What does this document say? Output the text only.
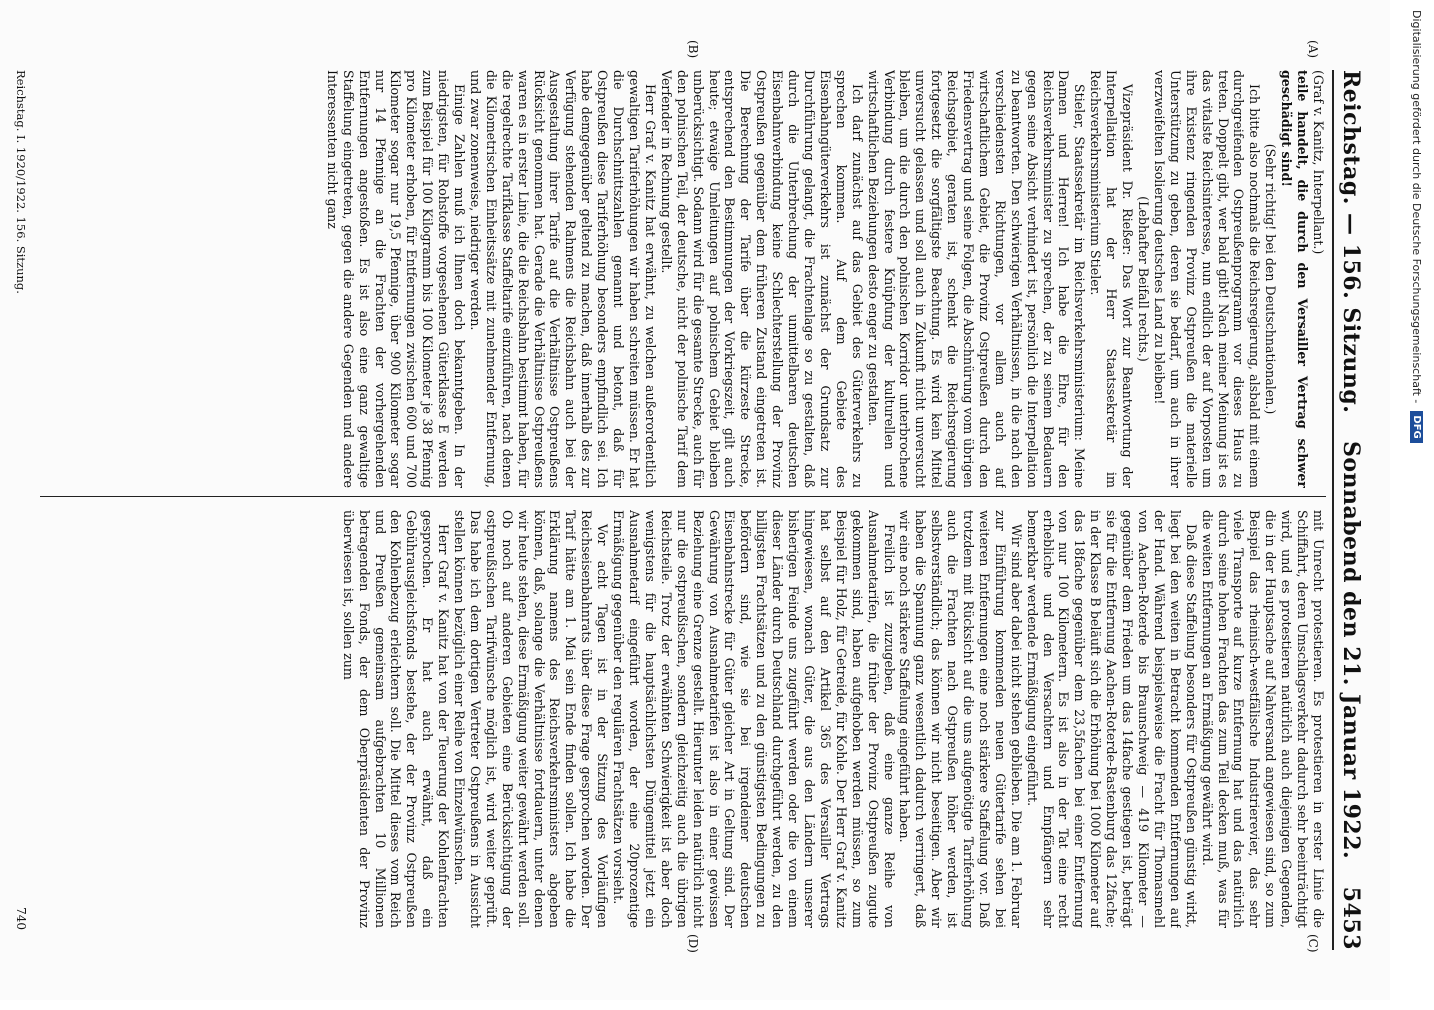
Reichstag. — 156. Sitzung.
Sonnabend den 21. Januar 1922.
5453
(A)
(B)
(C)
(D)

(Graf v. Kanitz, Interpellant.)

teile handelt, die durch den Versailler Vertrag schwer geschädigt sind!

(Sehr richtig! bei den Deutschnationalen.)

Ich bitte also nochmals die Reichsregierung, alsbald mit einem durchgreifenden Ostpreußenprogramm vor dieses Haus zu treten. Doppelt gibt, wer bald gibt! Nach meiner Meinung ist es das vitalste Reichsinteresse, nun endlich der auf Vorposten um ihre Existenz ringenden Provinz Ostpreußen die materielle Unterstützung zu geben, deren sie bedarf, um auch in ihrer verzweifelten Isolierung deutsches Land zu bleiben!

(Lebhafter Beifall rechts.)

Vizepräsident Dr. Rießer: Das Wort zur Beantwortung der Interpellation hat der Herr Staatssekretär im Reichsverkehrsministerium Stieler.

Stieler, Staatssekretär im Reichsverkehrsministerium: Meine Damen und Herren! Ich habe die Ehre, für den Reichsverkehrsminister zu sprechen, der zu seinem Bedauern gegen seine Absicht verhindert ist, persönlich die Interpellation zu beantworten. Den schwierigen Verhältnissen, in die nach den verschiedensten Richtungen, vor allem auch auf wirtschaftlichem Gebiet, die Provinz Ostpreußen durch den Friedensvertrag und seine Folgen, die Abschnürung vom übrigen Reichsgebiet, geraten ist, schenkt die Reichsregierung fortgesetzt die sorgfältigste Beachtung. Es wird kein Mittel unversucht gelassen und soll auch in Zukunft nicht unversucht bleiben, um die durch den polnischen Korridor unterbrochene Verbindung durch festere Knüpfung der kulturellen und wirtschaftlichen Beziehungen desto enger zu gestalten.

Ich darf zunächst auf das Gebiet des Güterverkehrs zu sprechen kommen. Auf dem Gebiete des Eisenbahngüterverkehrs ist zunächst der Grundsatz zur Durchführung gelangt, die Frachtenlage so zu gestalten, daß durch die Unterbrechung der unmittelbaren deutschen Eisenbahnverbindung keine Schlechterstellung der Provinz Ostpreußen gegenüber dem früheren Zustand eingetreten ist. Die Berechnung der Tarife über die kürzeste Strecke, entsprechend den Bestimmungen der Vorkriegszeit, gilt auch heute; etwaige Umleitungen auf polnischem Gebiet bleiben unberücksichtigt. Sodann wird für die gesamte Strecke, auch für den polnischen Teil, der deutsche, nicht der polnische Tarif dem Verfender in Rechnung gestellt.

Herr Graf v. Kanitz hat erwähnt, zu welchen außerordentlich gewaltigen Tariferhöhungen wir haben schreiten müssen. Er hat die Durchschnittszahlen genannt und betont, daß für Ostpreußen diese Tariferhöhung besonders empfindlich sei. Ich habe demgegenüber geltend zu machen, daß innerhalb des zur Verfügung stehenden Rahmens die Reichsbahn auch bei der Ausgestaltung ihrer Tarife auf die Verhältnisse Ostpreußens Rücksicht genommen hat. Gerade die Verhältnisse Ostpreußens waren es in erster Linie, die die Reichsbahn bestimmt haben, für die regelrechte Tarifklasse Staffeltarife einzuführen, nach denen die Kilometrischen Einheitssätze mit zunehmender Entfernung, und zwar zonenweise, niedriger werden.

Einige Zahlen muß ich Ihnen doch bekanntgeben. In der niedrigsten, für Rohstoffe vorgesehenen Güterklasse E werden zum Beispiel für 100 Kilogramm bis 100 Kilometer je 38 Pfennig pro Kilometer erhoben, für Entfernungen zwischen 600 und 700 Kilometer sogar nur 19,5 Pfennige, über 900 Kilometer sogar nur 14 Pfennige an die Frachten der vorhergehenden Entfernungen angestoßen. Es ist also eine ganz gewaltige Staffelung eingetreten, gegen die andere Gegenden und andere Interessenten nicht ganz

mit Unrecht protestieren. Es protestieren in erster Linie die Schiffahrt, deren Umschlagsverkehr dadurch sehr beeinträchtigt wird, und es protestieren natürlich auch diejenigen Gegenden, die in der Hauptsache auf Nahversand angewiesen sind, so zum Beispiel das rheinisch-westfälische Industrierevier, das sehr viele Transporte auf kurze Entfernung hat und das natürlich durch seine hohen Frachten das zum Teil decken muß, was für die weiten Entfernungen an Ermäßigung gewährt wird.

Daß diese Staffelung besonders für Ostpreußen günstig wirkt, liegt bei den weiten in Betracht kommenden Entfernungen auf der Hand. Während beispielsweise die Fracht für Thomasmehl von Aachen-Roterde bis Braunschweig — 419 Kilometer — gegenüber dem Frieden um das 14fache gestiegen ist, beträgt sie für die Entfernung Aachen-Roterde-Rastenburg das 12fache; in der Klasse B beläuft sich die Erhöhung bei 1000 Kilometer auf das 18fache gegenüber dem 23,5fachen bei einer Entfernung von nur 100 Kilometern. Es ist also in der Tat eine recht erhebliche und den Versachtern und Empfängern sehr bemerkbar werdende Ermäßigung eingeführt.

Wir sind aber dabei nicht stehen geblieben. Die am 1. Februar zur Einführung kommenden neuen Gütertarife sehen bei weiteren Entfernungen eine noch stärkere Staffelung vor. Daß trotzdem mit Rücksicht auf die uns aufgenötigte Tariferhöhung auch die Frachten nach Ostpreußen höher werden, ist selbstverständlich; das können wir nicht beseitigen. Aber wir haben die Spannung ganz wesentlich dadurch verringert, daß wir eine noch stärkere Staffelung eingeführt haben.

Freilich ist zuzugeben, daß eine ganze Reihe von Ausnahmetarifen, die früher der Provinz Ostpreußen zugute gekommen sind, haben aufgehoben werden müssen, so zum Beispiel für Holz, für Getreide, für Kohle. Der Herr Graf v. Kanitz hat selbst auf den Artikel 365 des Versailler Vertrags hingewiesen, wonach Güter, die aus den Ländern unserer bisherigen Feinde uns zugeführt werden oder die von einem dieser Länder durch Deutschland durchgeführt werden, zu den billigsten Frachtsätzen und zu den günstigsten Bedingungen zu befördern sind, wie sie bei irgendeiner deutschen Eisenbahnstrecke für Güter gleicher Art in Geltung sind. Der Gewährung von Ausnahmetarifen ist also in einer gewissen Beziehung eine Grenze gestellt. Hierunter leiden natürlich nicht nur die ostpreußischen, sondern gleichzeitig auch die übrigen Reichsteile. Trotz der erwähnten Schwierigkeit ist aber doch wenigstens für die hauptsächlichsten Düngemittel jetzt ein Ausnahmetarif eingeführt worden, der eine 20prozentige Ermäßigung gegenüber den regulären Frachtsätzen vorsieht.

Vor acht Tagen ist in der Sitzung des Vorläufigen Reichseisenbahnrats über diese Frage gesprochen worden. Der Tarif hätte am 1. Mai sein Ende finden sollen. Ich habe die Erklärung namens des Reichsverkehrsministers abgeben können, daß, solange die Verhältnisse fortdauern, unter denen wir heute stehen, diese Ermäßigung weiter gewährt werden soll. Ob noch auf anderen Gebieten eine Berücksichtigung der ostpreußischen Tarifwünsche möglich ist, wird weiter geprüft. Das habe ich dem dortigen Vertreter Ostpreußens in Aussicht stellen können bezüglich einer Reihe von Einzelwünschen.

Herr Graf v. Kanitz hat von der Teuerung der Kohlenfrachten gesprochen. Er hat auch erwähnt, daß ein Gebührausgleichsfonds bestehe, der der Provinz Ostpreußen den Kohlenbezug erleichtern soll. Die Mittel dieses vom Reich und Preußen gemeinsam aufgebrachten 10 Millionen betragenden Fonds, der dem Oberpräsidenten der Provinz überwiesen ist, sollen zum

Reichstag. I. 1920/1922. 156. Sitzung.
740
Digitalisierung gefördert durch die Deutsche Forschungsgemeinschaft -
DFG
